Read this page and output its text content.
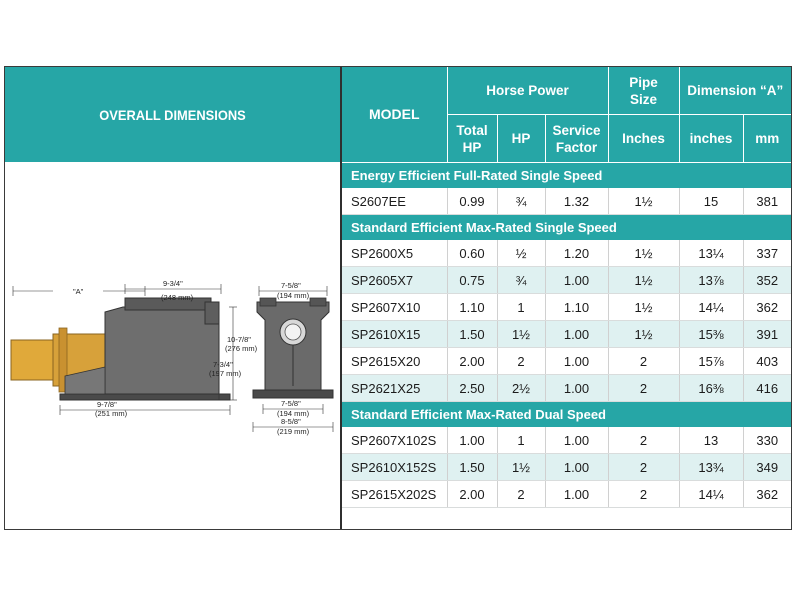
OVERALL DIMENSIONS
"A"
9-3/4"
(248 mm)
10-7/8"
(276 mm)
7-3/4"
(197 mm)
9-7/8"
(251 mm)
7-5/8"
(194 mm)
7-5/8"
(194 mm)
8-5/8"
(219 mm)
MODEL	Horse Power			Pipe Size	Dimension “A”	
	Total HP	HP	Service Factor	Inches	inches	mm
Energy Efficient Full-Rated Single Speed						
S2607EE	0.99	¾	1.32	1½	15	381
Standard Efficient Max-Rated Single Speed						
SP2600X5	0.60	½	1.20	1½	13¼	337
SP2605X7	0.75	¾	1.00	1½	13⅞	352
SP2607X10	1.10	1	1.10	1½	14¼	362
SP2610X15	1.50	1½	1.00	1½	15⅜	391
SP2615X20	2.00	2	1.00	2	15⅞	403
SP2621X25	2.50	2½	1.00	2	16⅜	416
Standard Efficient Max-Rated Dual Speed						
SP2607X102S	1.00	1	1.00	2	13	330
SP2610X152S	1.50	1½	1.00	2	13¾	349
SP2615X202S	2.00	2	1.00	2	14¼	362
